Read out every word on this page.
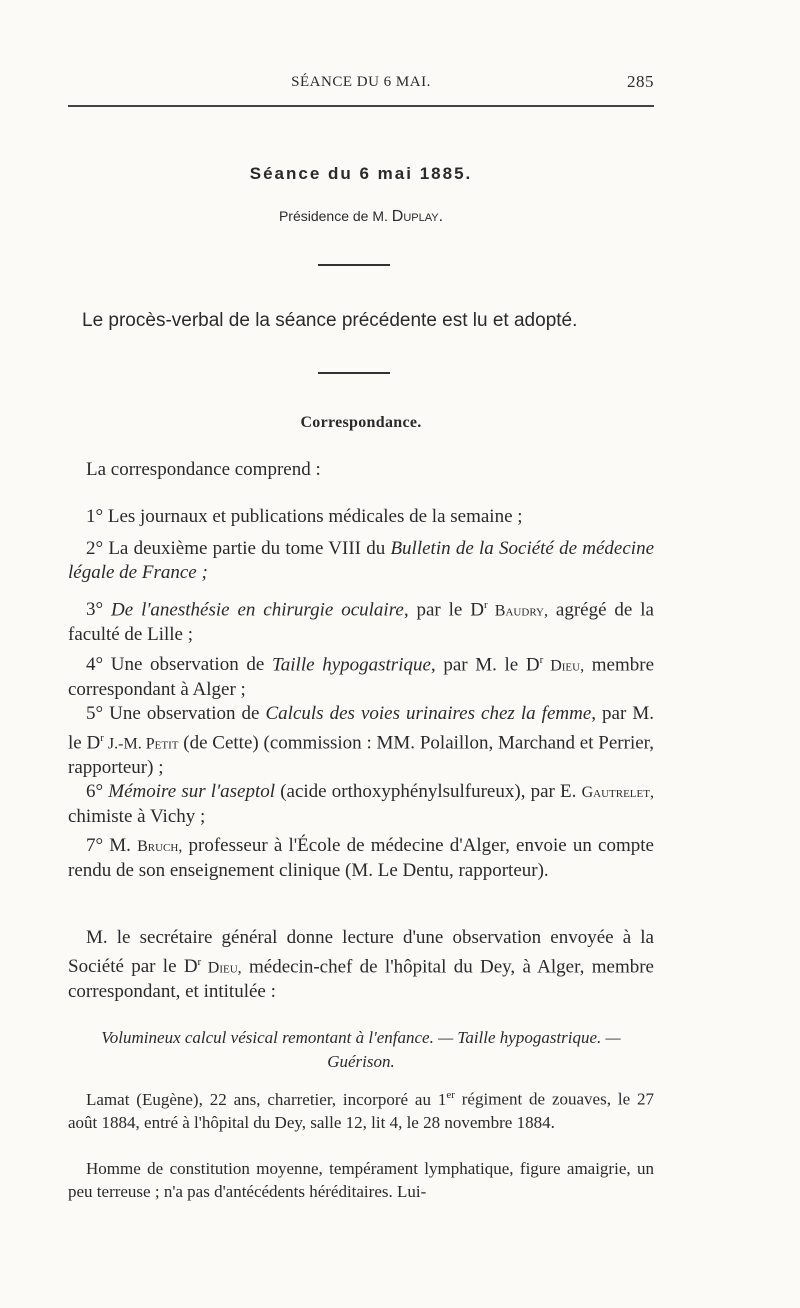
SÉANCE DU 6 MAI.	285
Séance du 6 mai 1885.
Présidence de M. Duplay.
Le procès-verbal de la séance précédente est lu et adopté.
Correspondance.
La correspondance comprend :
1° Les journaux et publications médicales de la semaine ;
2° La deuxième partie du tome VIII du Bulletin de la Société de médecine légale de France ;
3° De l'anesthésie en chirurgie oculaire, par le $D^r$ Baudry, agrégé de la faculté de Lille ;
4° Une observation de Taille hypogastrique, par M. le $D^r$ Dieu, membre correspondant à Alger ;
5° Une observation de Calculs des voies urinaires chez la femme, par M. le $D^r$ J.-M. Petit (de Cette) (commission : MM. Polaillon, Marchand et Perrier, rapporteur) ;
6° Mémoire sur l'aseptol (acide orthoxyphénylsulfureux), par E. Gautrelet, chimiste à Vichy ;
7° M. Bruch, professeur à l'École de médecine d'Alger, envoie un compte rendu de son enseignement clinique (M. Le Dentu, rapporteur).
M. le secrétaire général donne lecture d'une observation envoyée à la Société par le $D^r$ Dieu, médecin-chef de l'hôpital du Dey, à Alger, membre correspondant, et intitulée :
Volumineux calcul vésical remontant à l'enfance. — Taille hypogastrique. — Guérison.
Lamat (Eugène), 22 ans, charretier, incorporé au 1er régiment de zouaves, le 27 août 1884, entré à l'hôpital du Dey, salle 12, lit 4, le 28 novembre 1884.
Homme de constitution moyenne, tempérament lymphatique, figure amaigrie, un peu terreuse ; n'a pas d'antécédents héréditaires. Lui-
